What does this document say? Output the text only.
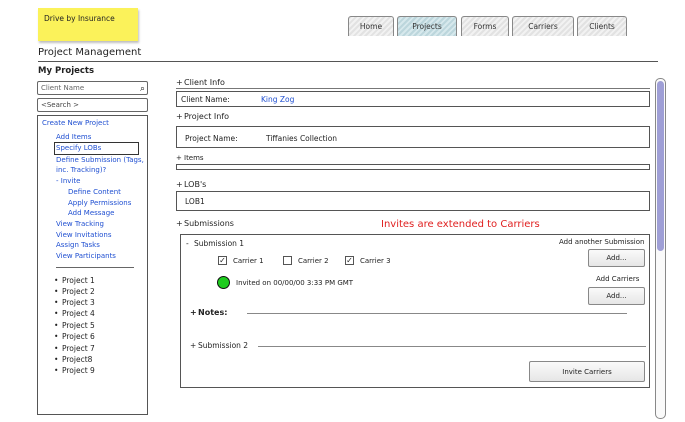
Drive by Insurance
Home	Projects	Forms	Carriers	Clients
Project Management
My Projects
Client Name	⌕
<Search >
Create New Project
Add Items
Specify LOBs
Define Submission (Tags,
inc. Tracking)?
- Invite
Define Content
Apply Permissions
Add Message
View Tracking
View Invitations
Assign Tasks
View Participants
• Project 1
• Project 2
• Project 3
• Project 4
• Project 5
• Project 6
• Project 7
• Project8
• Project 9
+Client Info
Client Name:	King Zog
+Project Info
Project Name:	Tiffanies Collection
+ Items
+LOB's
LOB1
+Submissions	Invites are extended to Carriers
- Submission 1	Add another Submission
Add...
✓ Carrier 1	Carrier 2 ✓ Carrier 3
Add Carriers
Add...
Invited on 00/00/00 3:33 PM GMT
+Notes:
+ Submission 2
Invite Carriers
